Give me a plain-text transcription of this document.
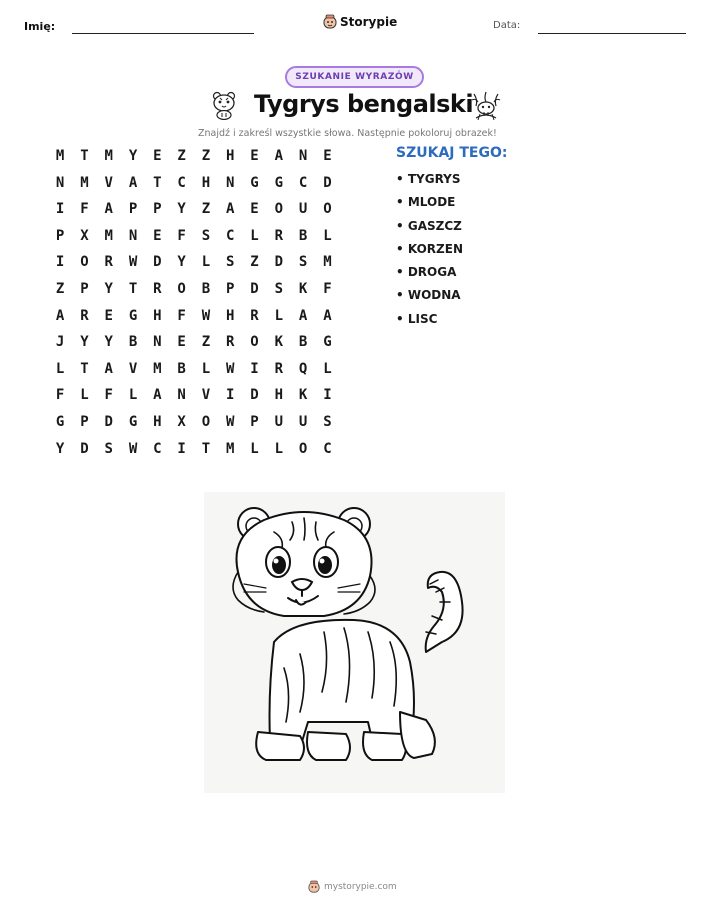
Imię:	Storypie	Data:
SZUKANIE WYRAZÓW
Tygrys bengalski
Znajdź i zakreśl wszystkie słowa. Następnie pokoloruj obrazek!
M	T	M	Y	E	Z	Z	H	E	A	N	E
N	M	V	A	T	C	H	N	G	G	C	D
I	F	A	P	P	Y	Z	A	E	O	U	O
P	X	M	N	E	F	S	C	L	R	B	L
I	O	R	W	D	Y	L	S	Z	D	S	M
Z	P	Y	T	R	O	B	P	D	S	K	F
A	R	E	G	H	F	W	H	R	L	A	A
J	Y	Y	B	N	E	Z	R	O	K	B	G
L	T	A	V	M	B	L	W	I	R	Q	L
F	L	F	L	A	N	V	I	D	H	K	I
G	P	D	G	H	X	O	W	P	U	U	S
Y	D	S	W	C	I	T	M	L	L	O	C
SZUKAJ TEGO:
• TYGRYS
• MLODE
• GASZCZ
• KORZEN
• DROGA
• WODNA
• LISC
mystorypie.com
